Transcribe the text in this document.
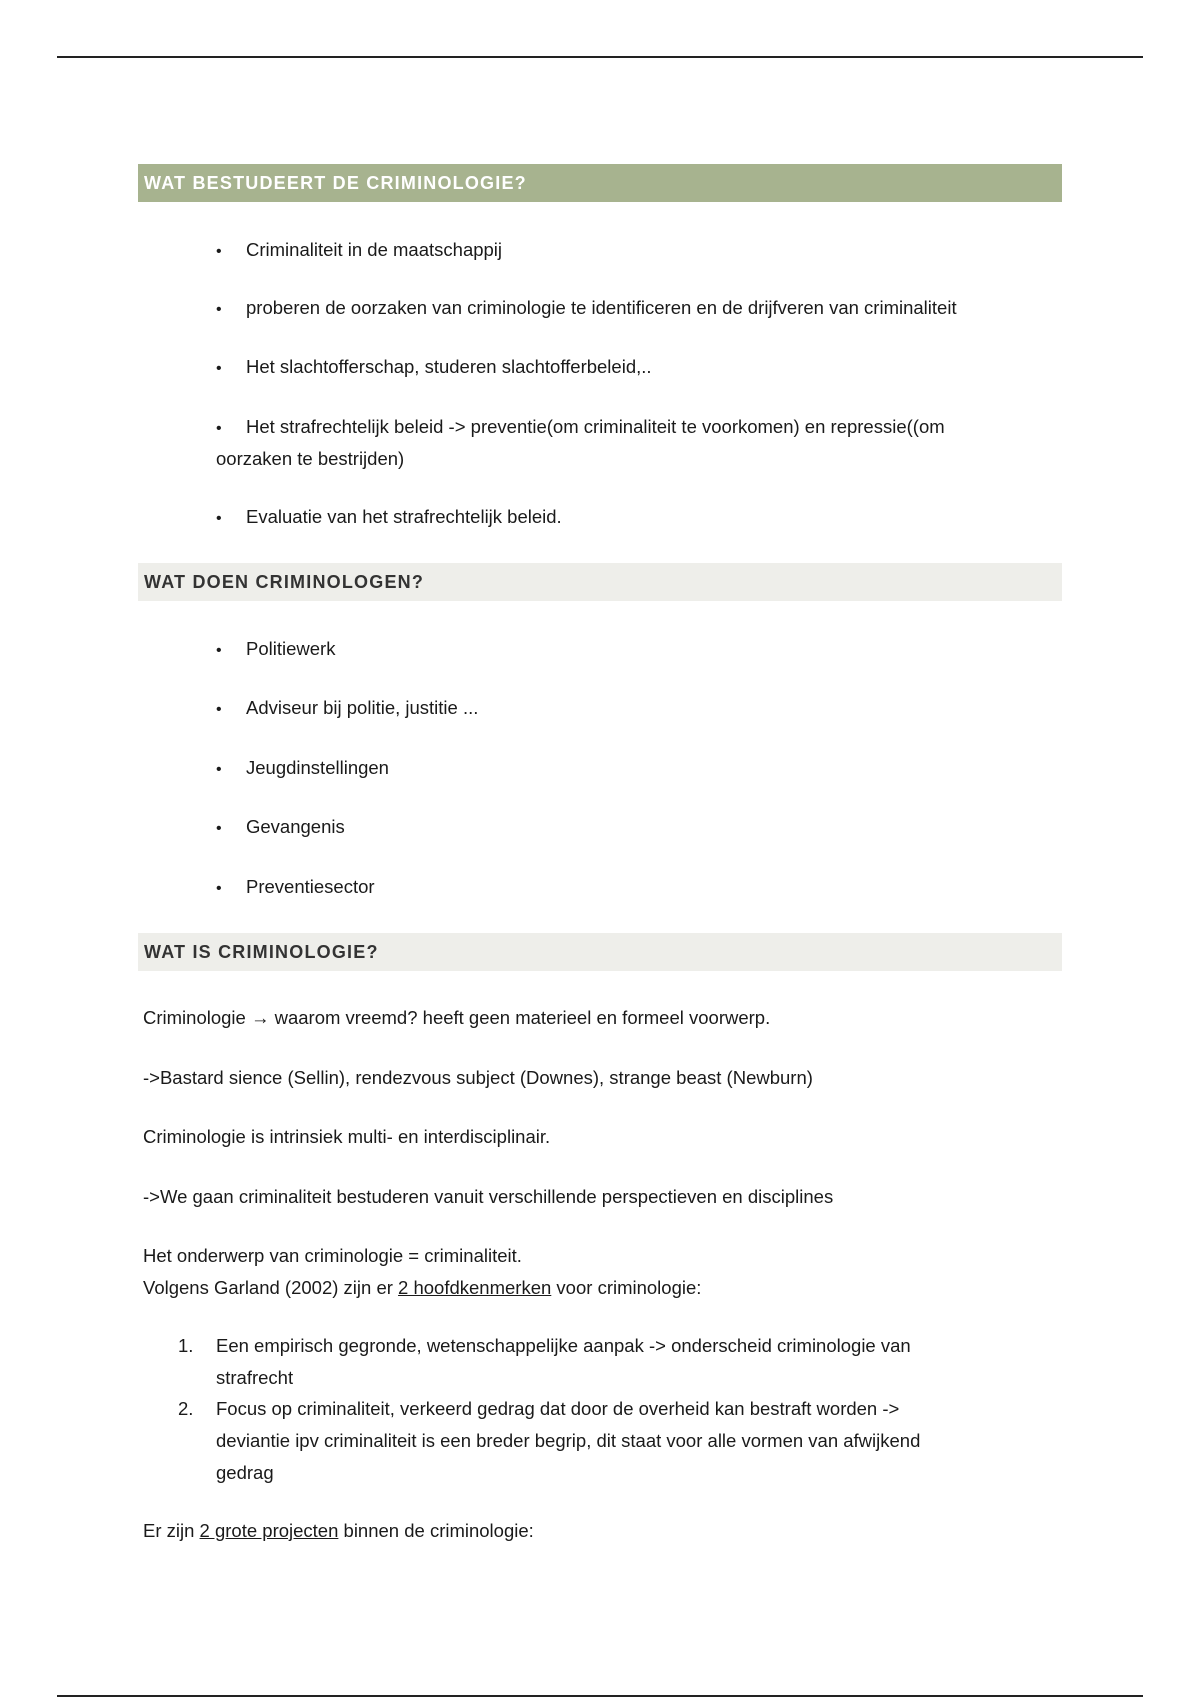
WAT BESTUDEERT DE CRIMINOLOGIE?
• Criminaliteit in de maatschappij
• proberen de oorzaken van criminologie te identificeren en de drijfveren van criminaliteit
• Het slachtofferschap, studeren slachtofferbeleid,..
• Het strafrechtelijk beleid -> preventie(om criminaliteit te voorkomen) en repressie((om
oorzaken te bestrijden)
• Evaluatie van het strafrechtelijk beleid.
WAT DOEN CRIMINOLOGEN?
• Politiewerk
• Adviseur bij politie, justitie ...
• Jeugdinstellingen
• Gevangenis
• Preventiesector
WAT IS CRIMINOLOGIE?
Criminologie → waarom vreemd? heeft geen materieel en formeel voorwerp.
->Bastard sience (Sellin), rendezvous subject (Downes), strange beast (Newburn)
Criminologie is intrinsiek multi- en interdisciplinair.
->We gaan criminaliteit bestuderen vanuit verschillende perspectieven en disciplines
Het onderwerp van criminologie = criminaliteit.
Volgens Garland (2002) zijn er 2 hoofdkenmerken voor criminologie:
1.	Een empirisch gegronde, wetenschappelijke aanpak -> onderscheid criminologie van
strafrecht
2.	Focus op criminaliteit, verkeerd gedrag dat door de overheid kan bestraft worden ->
deviantie ipv criminaliteit is een breder begrip, dit staat voor alle vormen van afwijkend
gedrag
Er zijn 2 grote projecten binnen de criminologie:
